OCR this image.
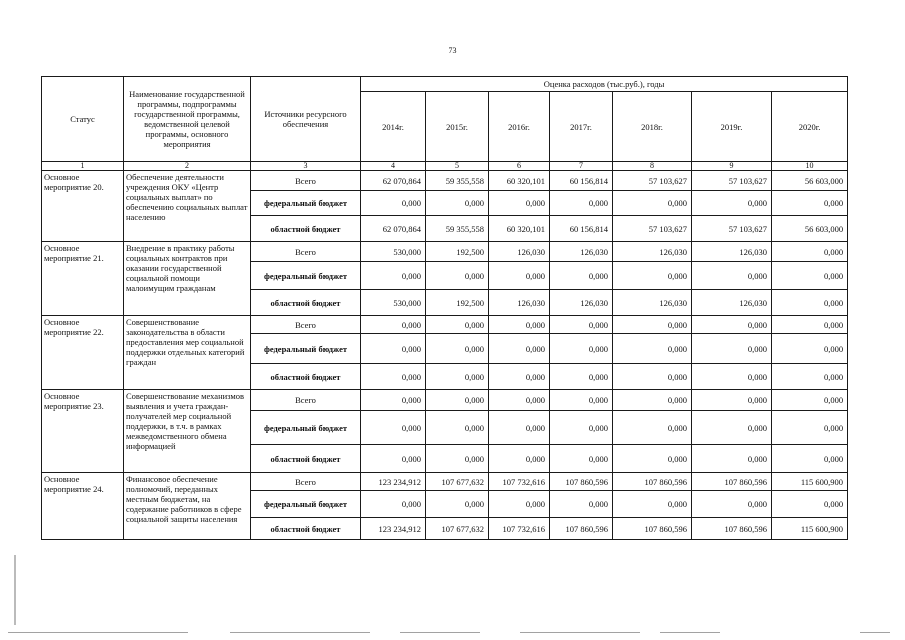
73
Статус	Наименование государственной программы, подпрограммы государственной программы, ведомственной целевой программы, основного мероприятия	Источники ресурсного обеспечения	Оценка расходов (тыс.руб.), годы						
			2014г.	2015г.	2016г.	2017г.	2018г.	2019г.	2020г.
1	2	3	4	5	6	7	8	9	10
Основное мероприятие 20.	Обеспечение деятельности учреждения ОКУ «Центр социальных выплат» по обеспечению социальных выплат населению	Всего	62 070,864	59 355,558	60 320,101	60 156,814	57 103,627	57 103,627	56 603,000
		федеральный бюджет	0,000	0,000	0,000	0,000	0,000	0,000	0,000
		областной бюджет	62 070,864	59 355,558	60 320,101	60 156,814	57 103,627	57 103,627	56 603,000
Основное мероприятие 21.	Внедрение в практику работы социальных контрактов при оказании государственной социальной помощи малоимущим гражданам	Всего	530,000	192,500	126,030	126,030	126,030	126,030	0,000
		федеральный бюджет	0,000	0,000	0,000	0,000	0,000	0,000	0,000
		областной бюджет	530,000	192,500	126,030	126,030	126,030	126,030	0,000
Основное мероприятие 22.	Совершенствование законодательства в области предоставления мер социальной поддержки отдельных категорий граждан	Всего	0,000	0,000	0,000	0,000	0,000	0,000	0,000
		федеральный бюджет	0,000	0,000	0,000	0,000	0,000	0,000	0,000
		областной бюджет	0,000	0,000	0,000	0,000	0,000	0,000	0,000
Основное мероприятие 23.	Совершенствование механизмов выявления и учета граждан-получателей мер социальной поддержки, в т.ч. в рамках межведомственного обмена информацией	Всего	0,000	0,000	0,000	0,000	0,000	0,000	0,000
		федеральный бюджет	0,000	0,000	0,000	0,000	0,000	0,000	0,000
		областной бюджет	0,000	0,000	0,000	0,000	0,000	0,000	0,000
Основное мероприятие 24.	Финансовое обеспечение полномочий, переданных местным бюджетам, на содержание работников в сфере социальной защиты населения	Всего	123 234,912	107 677,632	107 732,616	107 860,596	107 860,596	107 860,596	115 600,900
		федеральный бюджет	0,000	0,000	0,000	0,000	0,000	0,000	0,000
		областной бюджет	123 234,912	107 677,632	107 732,616	107 860,596	107 860,596	107 860,596	115 600,900
